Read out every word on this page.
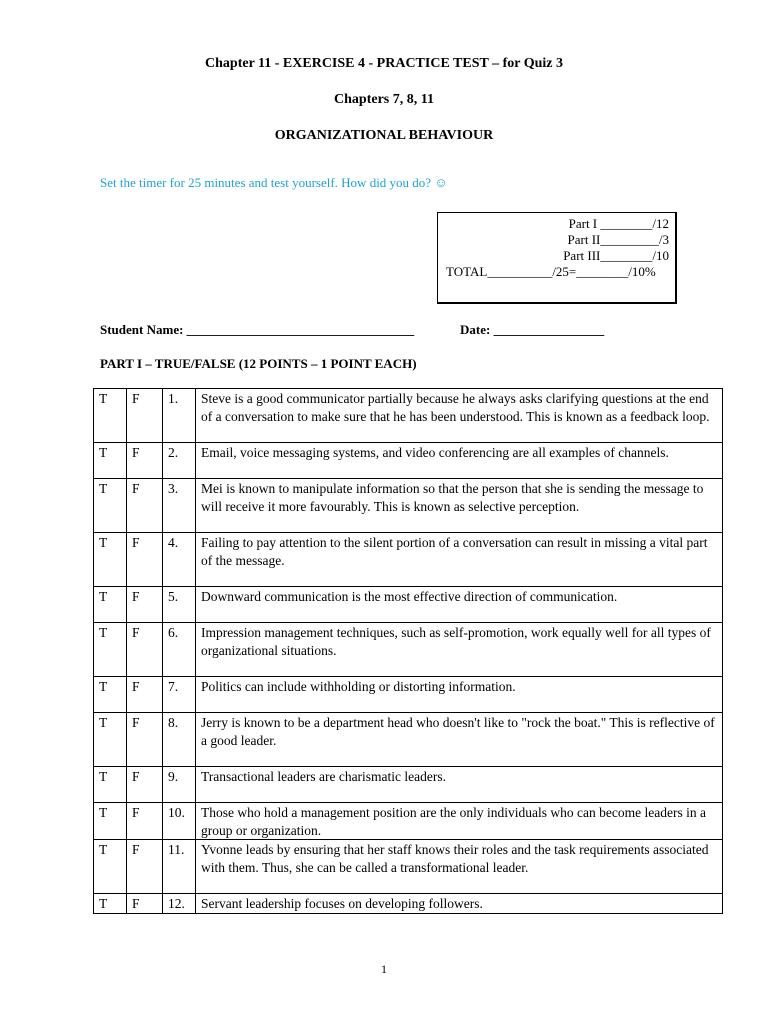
Chapter 11 - EXERCISE 4 - PRACTICE TEST – for Quiz 3
Chapters 7, 8, 11
ORGANIZATIONAL BEHAVIOUR
Set the timer for 25 minutes and test yourself. How did you do? ☺
Part I ________/12
Part II_________/3
Part III________/10
TOTAL__________/25=________/10%
Student Name: ___________________________________	Date: _________________
PART I – TRUE/FALSE (12 POINTS – 1 POINT EACH)
T	F	1.	Steve is a good communicator partially because he always asks clarifying questions at the end of a conversation to make sure that he has been understood. This is known as a feedback loop.
T	F	2.	Email, voice messaging systems, and video conferencing are all examples of channels.
T	F	3.	Mei is known to manipulate information so that the person that she is sending the message to will receive it more favourably. This is known as selective perception.
T	F	4.	Failing to pay attention to the silent portion of a conversation can result in missing a vital part of the message.
T	F	5.	Downward communication is the most effective direction of communication.
T	F	6.	Impression management techniques, such as self-promotion, work equally well for all types of organizational situations.
T	F	7.	Politics can include withholding or distorting information.
T	F	8.	Jerry is known to be a department head who doesn't like to "rock the boat." This is reflective of a good leader.
T	F	9.	Transactional leaders are charismatic leaders.
T	F	10.	Those who hold a management position are the only individuals who can become leaders in a group or organization.
T	F	11.	Yvonne leads by ensuring that her staff knows their roles and the task requirements associated with them. Thus, she can be called a transformational leader.
T	F	12.	Servant leadership focuses on developing followers.
1
